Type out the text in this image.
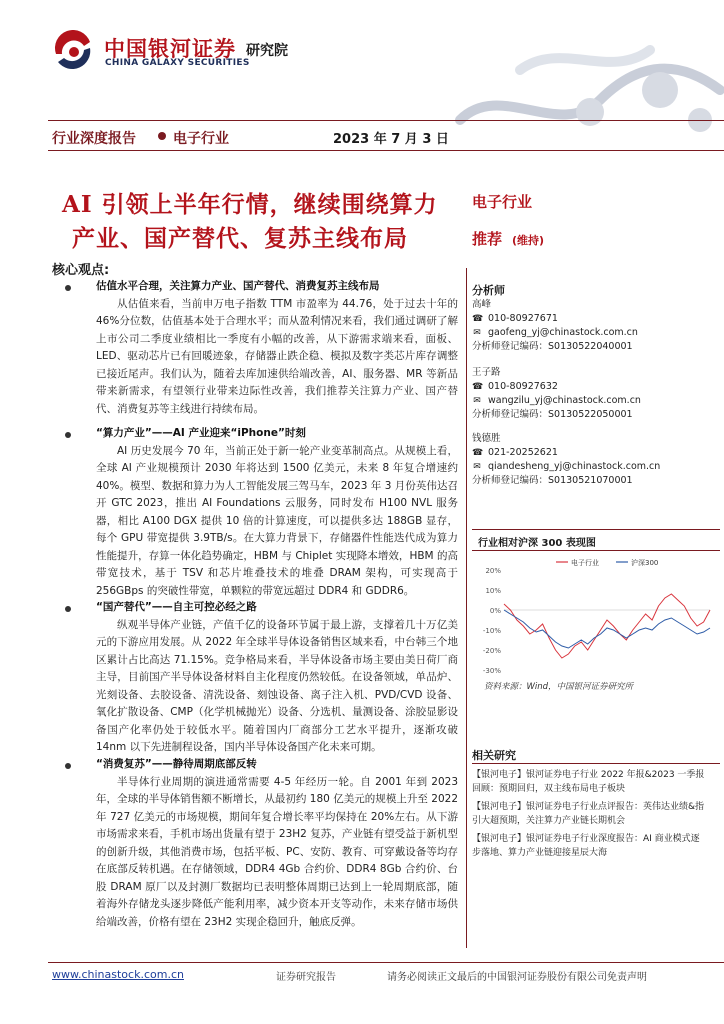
中国银河证券
CHINA GALAXY SECURITIES
研究院
行业深度报告	电子行业	2023 年 7 月 3 日
AI 引领上半年行情，继续围绕算力
产业、国产替代、复苏主线布局
电子行业
推荐 (维持)
核心观点:
估值水平合理，关注算力产业、国产替代、消费复苏主线布局
从估值来看，当前申万电子指数 TTM 市盈率为 44.76，处于过去十年的 46%分位数，估值基本处于合理水平；而从盈利情况来看，我们通过调研了解上市公司二季度业绩相比一季度有小幅的改善，从下游需求端来看，面板、LED、驱动芯片已有回暖迹象，存储器止跌企稳、模拟及数字类芯片库存调整已接近尾声。我们认为，随着去库加速供给端改善，AI、服务器、MR 等新品带来新需求，有望领行业带来边际性改善，我们推荐关注算力产业、国产替代、消费复苏等主线进行持续布局。
“算力产业”——AI 产业迎来“iPhone”时刻
AI 历史发展今 70 年，当前正处于新一轮产业变革制高点。从规模上看，全球 AI 产业规模预计 2030 年将达到 1500 亿美元，未来 8 年复合增速约 40%。模型、数据和算力为人工智能发展三驾马车，2023 年 3 月份英伟达召开 GTC 2023，推出 AI Foundations 云服务，同时发布 H100 NVL 服务器，相比 A100 DGX 提供 10 倍的计算速度，可以提供多达 188GB 显存，每个 GPU 带宽提供 3.9TB/s。在大算力背景下，存储器件性能迭代成为算力性能提升，存算一体化趋势确定，HBM 与 Chiplet 实现降本增效，HBM 的高带宽技术，基于 TSV 和芯片堆叠技术的堆叠 DRAM 架构，可实现高于 256GBps 的突破性带宽，单颗粒的带宽远超过 DDR4 和 GDDR6。
“国产替代”——自主可控必经之路
纵观半导体产业链，产值千亿的设备环节属于最上游，支撑着几十万亿美元的下游应用发展。从 2022 年全球半导体设备销售区域来看，中台韩三个地区累计占比高达 71.15%。竞争格局来看，半导体设备市场主要由美日荷厂商主导，目前国产半导体设备材料自主化程度仍然较低。在设备领域，单品炉、光刻设备、去胶设备、清洗设备、刻蚀设备、离子注入机、PVD/CVD 设备、氧化扩散设备、CMP（化学机械抛光）设备、分选机、量测设备、涂胶显影设备国产化率仍处于较低水平。随着国内厂商部分工艺水平提升，逐渐攻破 14nm 以下先进制程设备，国内半导体设备国产化未来可期。
“消费复苏”——静待周期底部反转
半导体行业周期的演进通常需要 4-5 年经历一轮。自 2001 年到 2023 年，全球的半导体销售额不断增长，从最初约 180 亿美元的规模上升至 2022 年 727 亿美元的市场规模，期间年复合增长率平均保持在 20%左右。从下游市场需求来看，手机市场出货量有望于 23H2 复苏，产业链有望受益于新机型的创新升级，其他消费市场，包括平板、PC、安防、教育、可穿戴设备等均存在底部反转机遇。在存储领域，DDR4 4Gb 合约价、DDR4 8Gb 合约价、台股 DRAM 原厂以及封测厂数据均已表明整体周期已达到上一轮周期底部，随着海外存储龙头逐步降低产能利用率，减少资本开支等动作，未来存储市场供给端改善，价格有望在 23H2 实现企稳回升，触底反弹。
分析师
高峰
☎ 010-80927671
✉ gaofeng_yj@chinastock.com.cn
分析师登记编码：S0130522040001
王子路
☎ 010-80927632
✉ wangzilu_yj@chinastock.com.cn
分析师登记编码：S0130522050001
钱德胜
☎ 021-20252621
✉ qiandesheng_yj@chinastock.com.cn
分析师登记编码：S0130521070001
行业相对沪深 300 表现图
20%
10%
0%
-10%
-20%
-30%
电子行业	沪深300
资料来源：Wind，中国银河证券研究所
相关研究
【银河电子】银河证券电子行业 2022 年报&2023 一季报回顾：预期回归，双主线布局电子板块
【银河电子】银河证券电子行业点评报告：英伟达业绩&指引大超预期，关注算力产业链长期机会
【银河电子】银河证券电子行业深度报告：AI 商业模式逐步落地、算力产业链迎接星辰大海
www.chinastock.com.cn	证券研究报告	请务必阅读正文最后的中国银河证券股份有限公司免责声明
